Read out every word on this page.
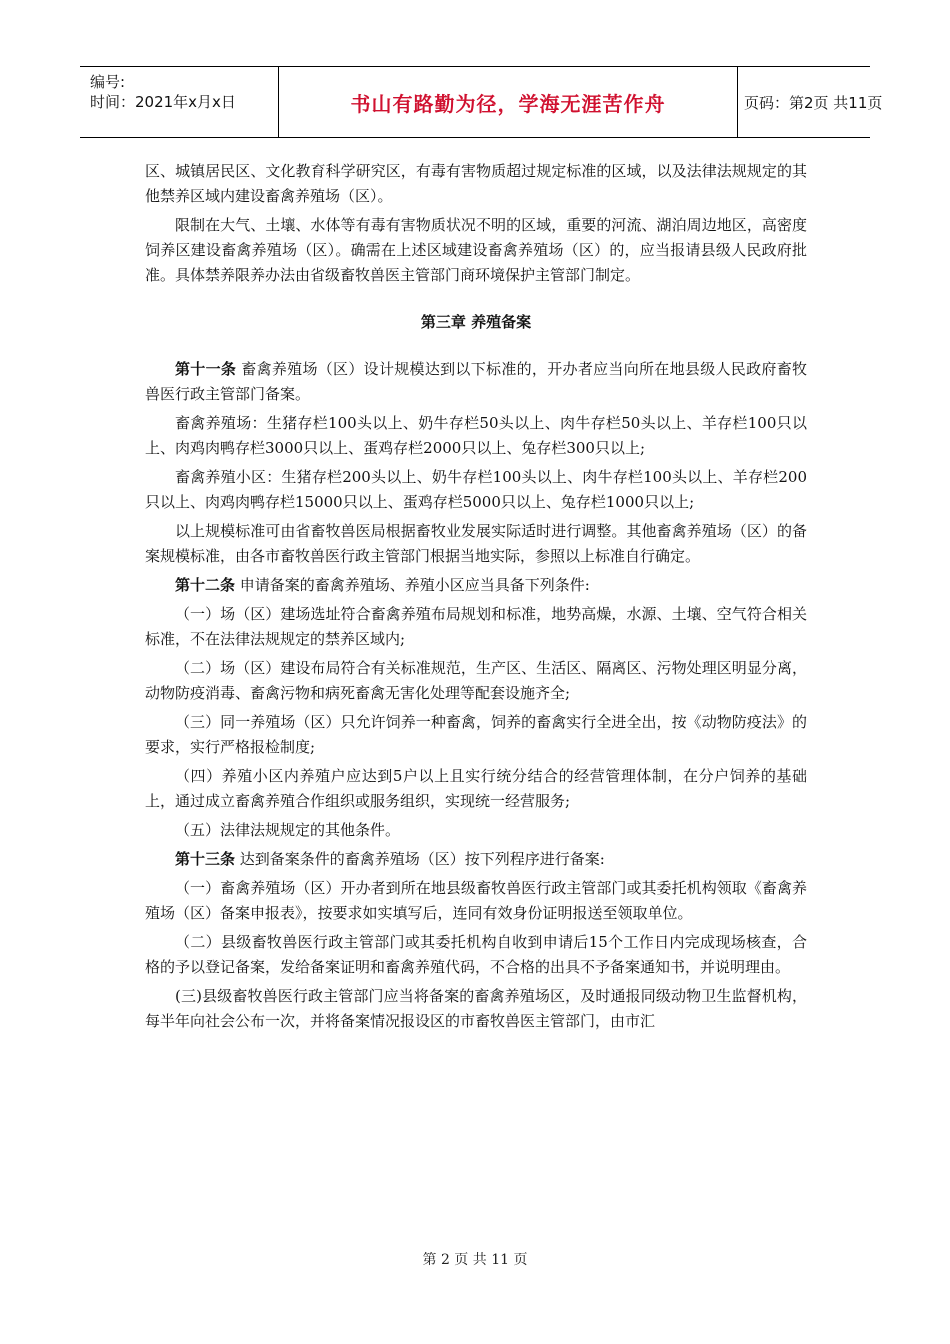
编号:
时间：2021年x月x日	书山有路勤为径，学海无涯苦作舟	页码：第2页 共11页

区、城镇居民区、文化教育科学研究区，有毒有害物质超过规定标准的区域，以及法律法规规定的其他禁养区域内建设畜禽养殖场（区）。

限制在大气、土壤、水体等有毒有害物质状况不明的区域，重要的河流、湖泊周边地区，高密度饲养区建设畜禽养殖场（区）。确需在上述区域建设畜禽养殖场（区）的，应当报请县级人民政府批准。具体禁养限养办法由省级畜牧兽医主管部门商环境保护主管部门制定。

第三章 养殖备案

第十一条 畜禽养殖场（区）设计规模达到以下标准的，开办者应当向所在地县级人民政府畜牧兽医行政主管部门备案。

畜禽养殖场：生猪存栏100头以上、奶牛存栏50头以上、肉牛存栏50头以上、羊存栏100只以上、肉鸡肉鸭存栏3000只以上、蛋鸡存栏2000只以上、兔存栏300只以上;

畜禽养殖小区：生猪存栏200头以上、奶牛存栏100头以上、肉牛存栏100头以上、羊存栏200只以上、肉鸡肉鸭存栏15000只以上、蛋鸡存栏5000只以上、兔存栏1000只以上;

以上规模标准可由省畜牧兽医局根据畜牧业发展实际适时进行调整。其他畜禽养殖场（区）的备案规模标准，由各市畜牧兽医行政主管部门根据当地实际，参照以上标准自行确定。

第十二条 申请备案的畜禽养殖场、养殖小区应当具备下列条件:

（一）场（区）建场选址符合畜禽养殖布局规划和标准，地势高燥，水源、土壤、空气符合相关标准，不在法律法规规定的禁养区域内;

（二）场（区）建设布局符合有关标准规范，生产区、生活区、隔离区、污物处理区明显分离，动物防疫消毒、畜禽污物和病死畜禽无害化处理等配套设施齐全;

（三）同一养殖场（区）只允许饲养一种畜禽，饲养的畜禽实行全进全出，按《动物防疫法》的要求，实行严格报检制度;

（四）养殖小区内养殖户应达到5户以上且实行统分结合的经营管理体制，在分户饲养的基础上，通过成立畜禽养殖合作组织或服务组织，实现统一经营服务;

（五）法律法规规定的其他条件。

第十三条 达到备案条件的畜禽养殖场（区）按下列程序进行备案:

（一）畜禽养殖场（区）开办者到所在地县级畜牧兽医行政主管部门或其委托机构领取《畜禽养殖场（区）备案申报表》，按要求如实填写后，连同有效身份证明报送至领取单位。

（二）县级畜牧兽医行政主管部门或其委托机构自收到申请后15个工作日内完成现场核查，合格的予以登记备案，发给备案证明和畜禽养殖代码，不合格的出具不予备案通知书，并说明理由。

(三)县级畜牧兽医行政主管部门应当将备案的畜禽养殖场区，及时通报同级动物卫生监督机构，每半年向社会公布一次，并将备案情况报设区的市畜牧兽医主管部门，由市汇

第 2 页 共 11 页
